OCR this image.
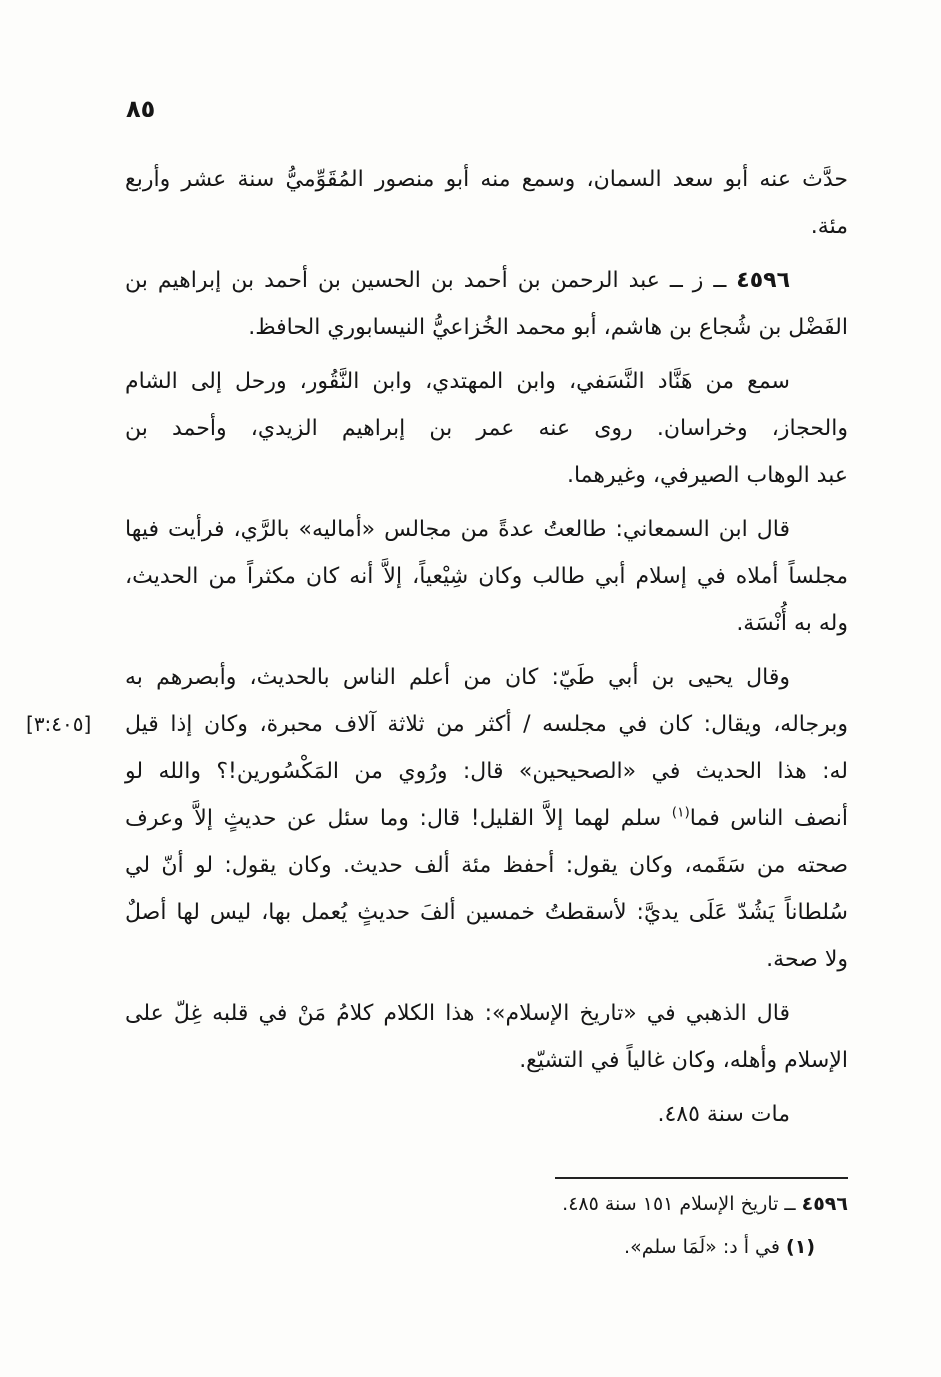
٨٥
[٣:٤٠٥]
حدَّث عنه أبو سعد السمان، وسمع منه أبو منصور المُقَوِّميُّ سنة عشر وأربع
مئة.
٤٥٩٦ ــ ز ــ عبد الرحمن بن أحمد بن الحسين بن أحمد بن إبراهيم بن
الفَضْل بن شُجاع بن هاشم، أبو محمد الخُزاعيُّ النيسابوري الحافظ.
سمع من هَنَّاد النَّسَفي، وابن المهتدي، وابن النَّقُور، ورحل إلى الشام
والحجاز، وخراسان. روى عنه عمر بن إبراهيم الزيدي، وأحمد بن
عبد الوهاب الصيرفي، وغيرهما.
قال ابن السمعاني: طالعتُ عدةً من مجالس «أماليه» بالرَّي، فرأيت فيها
مجلساً أملاه في إسلام أبي طالب وكان شِيْعياً، إلاَّ أنه كان مكثراً من الحديث،
وله به أُنْسَة.
وقال يحيى بن أبي طَيّ: كان من أعلم الناس بالحديث، وأبصرهم به
وبرجاله، ويقال: كان في مجلسه / أكثر من ثلاثة آلاف محبرة، وكان إذا قيل
له: هذا الحديث في «الصحيحين» قال: ورُوي من المَكْسُورين!؟ والله لو
أنصف الناس فما$^{(١)}$ سلم لهما إلاَّ القليل! قال: وما سئل عن حديثٍ إلاَّ وعرف
صحته من سَقَمه، وكان يقول: أحفظ مئة ألف حديث. وكان يقول: لو أنّ لي
سُلطاناً يَشُدّ عَلَى يديَّ: لأسقطتُ خمسين ألفَ حديثٍ يُعمل بها، ليس لها أصلٌ
ولا صحة.
قال الذهبي في «تاريخ الإسلام»: هذا الكلام كلامُ مَنْ في قلبه غِلّ على
الإسلام وأهله، وكان غالياً في التشيّع.
مات سنة ٤٨٥.
٤٥٩٦ ــ تاريخ الإسلام ١٥١ سنة ٤٨٥.
(١) في أ د: «لَمَا سلم».
